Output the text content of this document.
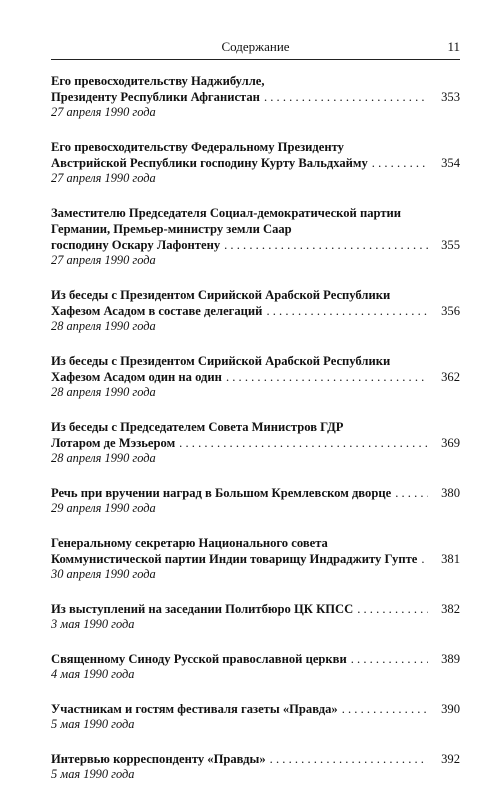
Содержание	11
Его превосходительству Наджибулле,
Президенту Республики Афганистан . . .	353
27 апреля 1990 года
Его превосходительству Федеральному Президенту
Австрийской Республики господину Курту Вальдхайму . . .	354
27 апреля 1990 года
Заместителю Председателя Социал-демократической партии
Германии, Премьер-министру земли Саар
господину Оскару Лафонтену . . .	355
27 апреля 1990 года
Из беседы с Президентом Сирийской Арабской Республики
Хафезом Асадом в составе делегаций . . .	356
28 апреля 1990 года
Из беседы с Президентом Сирийской Арабской Республики
Хафезом Асадом один на один . . .	362
28 апреля 1990 года
Из беседы с Председателем Совета Министров ГДР
Лотаром де Мэзьером . . .	369
28 апреля 1990 года
Речь при вручении наград в Большом Кремлевском дворце . . .	380
29 апреля 1990 года
Генеральному секретарю Национального совета
Коммунистической партии Индии товарищу Индраджиту Гупте . . .	381
30 апреля 1990 года
Из выступлений на заседании Политбюро ЦК КПСС . . .	382
3 мая 1990 года
Священному Синоду Русской православной церкви . . .	389
4 мая 1990 года
Участникам и гостям фестиваля газеты «Правда» . . .	390
5 мая 1990 года
Интервью корреспонденту «Правды» . . .	392
5 мая 1990 года
